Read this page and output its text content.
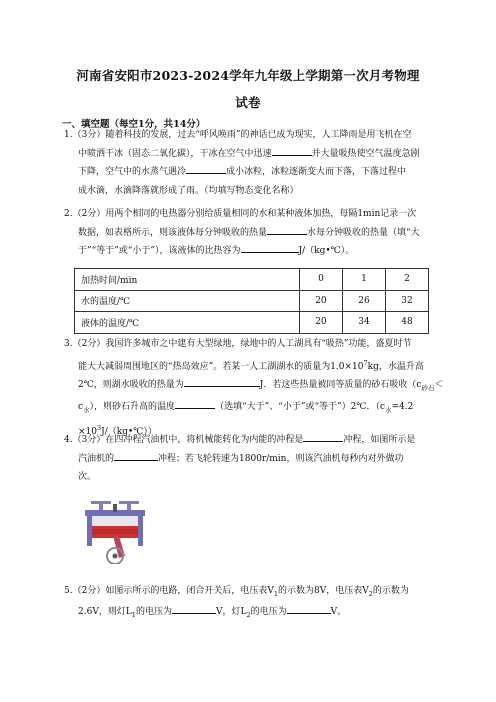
河南省安阳市2023-2024学年九年级上学期第一次月考物理
试卷
一、填空题（每空1分，共14分）
1.（3分）随着科技的发展，过去“呼风唤雨”的神话已成为现实，人工降雨是用飞机在空
中喷洒干冰（固态二氧化碳），干冰在空气中迅速	并大量吸热使空气温度急剧
下降，空气中的水蒸气遇冷	成小冰粒，冰粒逐渐变大而下落，下落过程中
成水滴，水滴降落就形成了雨。（均填写物态变化名称）
2.（2分）用两个相同的电热器分别给质量相同的水和某种液体加热，每隔1min记录一次
数据，如表格所示，则该液体每分钟吸收的热量	水每分钟吸收的热量（填“大
于”“等于”或“小于”），该液体的比热容为	J/（kg•℃）。
加热时间/min	0	1	2
水的温度/℃	20	26	32
液体的温度/℃	20	34	48
3.（2分）我国许多城市之中建有大型绿地，绿地中的人工湖具有“吸热”功能，盛夏时节
能大大减弱周围地区的“热岛效应”。若某一人工湖湖水的质量为$1.0\times 10^7kg$，水温升高
2℃，则湖水吸收的热量为	J．若这些热量被同等质量的砂石吸收（$c_{砂石}<$
$c_水$），则砂石升高的温度	（选填“大于”、“小于”或“等于”）2℃．（$c_水=4.2$
$\times 10^3J/(kg•℃)$）
4.（3分）在四冲程汽油机中，将机械能转化为内能的冲程是	冲程，如图所示是
汽油机的	冲程；若飞轮转速为1800r/min，则该汽油机每秒内对外做功
次。
5.（2分）如图示所示的电路，闭合开关后，电压表$V_1$的示数为8V，电压表$V_2$的示数为
2.6V，则灯$L_1$的电压为	V，灯$L_2$的电压为	V。
